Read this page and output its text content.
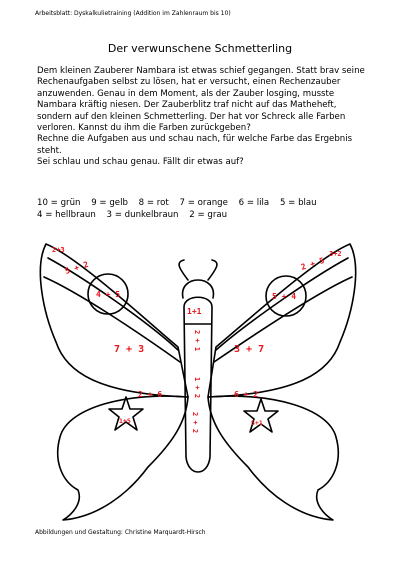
Arbeitsblatt: Dyskalkulietraining (Addition im Zahlenraum bis 10)
Der verwunschene Schmetterling

Dem kleinen Zauberer Nambara ist etwas schief gegangen. Statt brav seine Rechenaufgaben selbst zu lösen, hat er versucht, einen Rechenzauber anzuwenden. Genau in dem Moment, als der Zauber losging, musste Nambara kräftig niesen. Der Zauberblitz traf nicht auf das Matheheft, sondern auf den kleinen Schmetterling. Der hat vor Schreck alle Farben verloren. Kannst du ihm die Farben zurückgeben?

Rechne die Aufgaben aus und schau nach, für welche Farbe das Ergebnis steht.

Sei schlau und schau genau. Fällt dir etwas auf?

10 = grün 9 = gelb 8 = rot 7 = orange 6 = lila 5 = blau
4 = hellbraun 3 = dunkelbraun 2 = grau
2+3
5 + 2
4 + 5
7 + 3
2 + 6
1+5
3+2
2 + 5
5 + 4
3 + 7
6 + 2
5+1
1+1
2 + 1
1 + 2
2 + 2
Abbildungen und Gestaltung: Christine Marquardt-Hirsch
